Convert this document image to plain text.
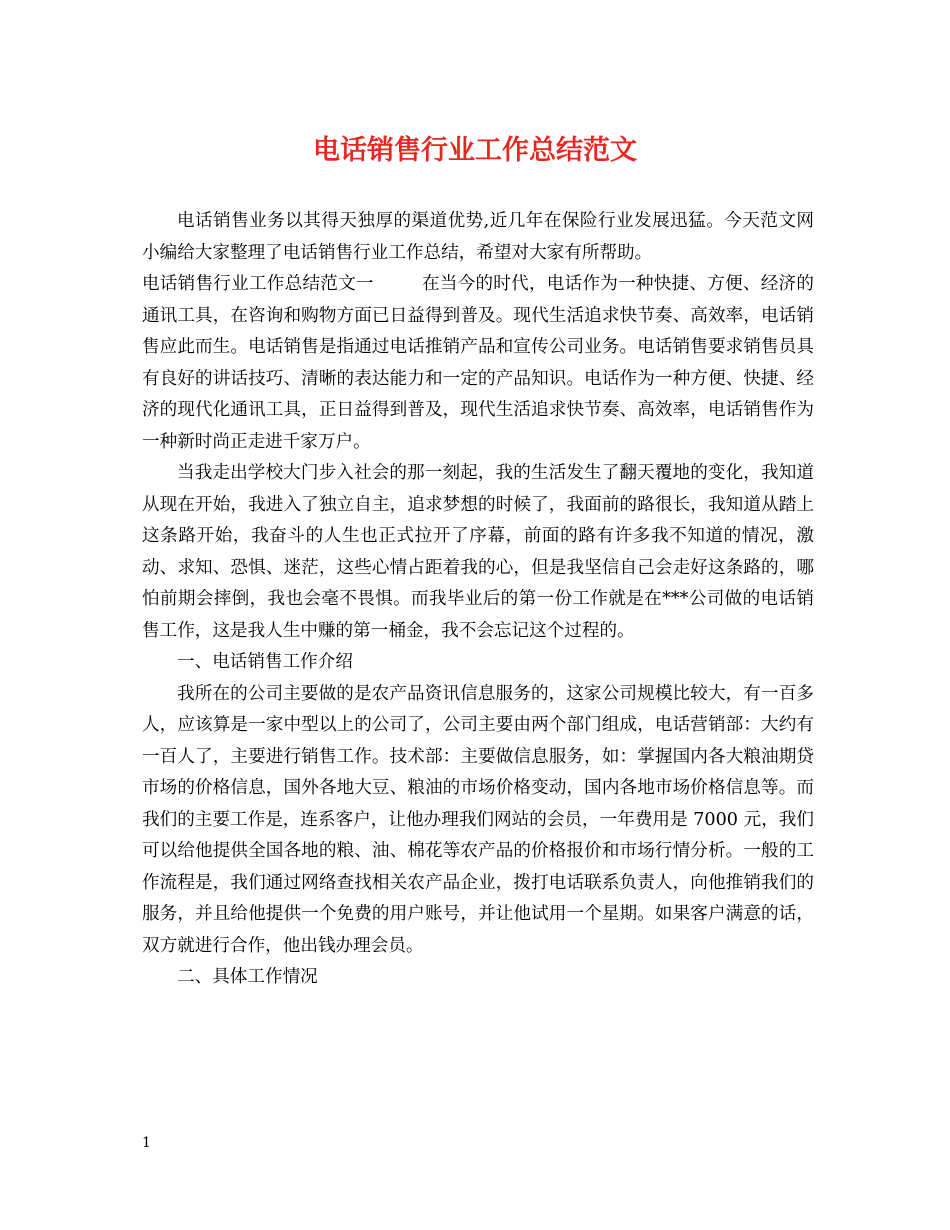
电话销售行业工作总结范文

电话销售业务以其得天独厚的渠道优势,近几年在保险行业发展迅猛。今天范文网小编给大家整理了电话销售行业工作总结，希望对大家有所帮助。

电话销售行业工作总结范文一	在当今的时代，电话作为一种快捷、方便、经济的通讯工具，在咨询和购物方面已日益得到普及。现代生活追求快节奏、高效率，电话销售应此而生。电话销售是指通过电话推销产品和宣传公司业务。电话销售要求销售员具有良好的讲话技巧、清晰的表达能力和一定的产品知识。电话作为一种方便、快捷、经济的现代化通讯工具，正日益得到普及，现代生活追求快节奏、高效率，电话销售作为一种新时尚正走进千家万户。

当我走出学校大门步入社会的那一刻起，我的生活发生了翻天覆地的变化，我知道从现在开始，我进入了独立自主，追求梦想的时候了，我面前的路很长，我知道从踏上这条路开始，我奋斗的人生也正式拉开了序幕，前面的路有许多我不知道的情况，激动、求知、恐惧、迷茫，这些心情占距着我的心，但是我坚信自己会走好这条路的，哪怕前期会摔倒，我也会毫不畏惧。而我毕业后的第一份工作就是在***公司做的电话销售工作，这是我人生中赚的第一桶金，我不会忘记这个过程的。

一、电话销售工作介绍

我所在的公司主要做的是农产品资讯信息服务的，这家公司规模比较大，有一百多人，应该算是一家中型以上的公司了，公司主要由两个部门组成，电话营销部：大约有一百人了，主要进行销售工作。技术部：主要做信息服务，如：掌握国内各大粮油期贷市场的价格信息，国外各地大豆、粮油的市场价格变动，国内各地市场价格信息等。而我们的主要工作是，连系客户，让他办理我们网站的会员，一年费用是 7000 元，我们可以给他提供全国各地的粮、油、棉花等农产品的价格报价和市场行情分析。一般的工作流程是，我们通过网络查找相关农产品企业，拨打电话联系负责人，向他推销我们的服务，并且给他提供一个免费的用户账号，并让他试用一个星期。如果客户满意的话，双方就进行合作，他出钱办理会员。

二、具体工作情况

1
